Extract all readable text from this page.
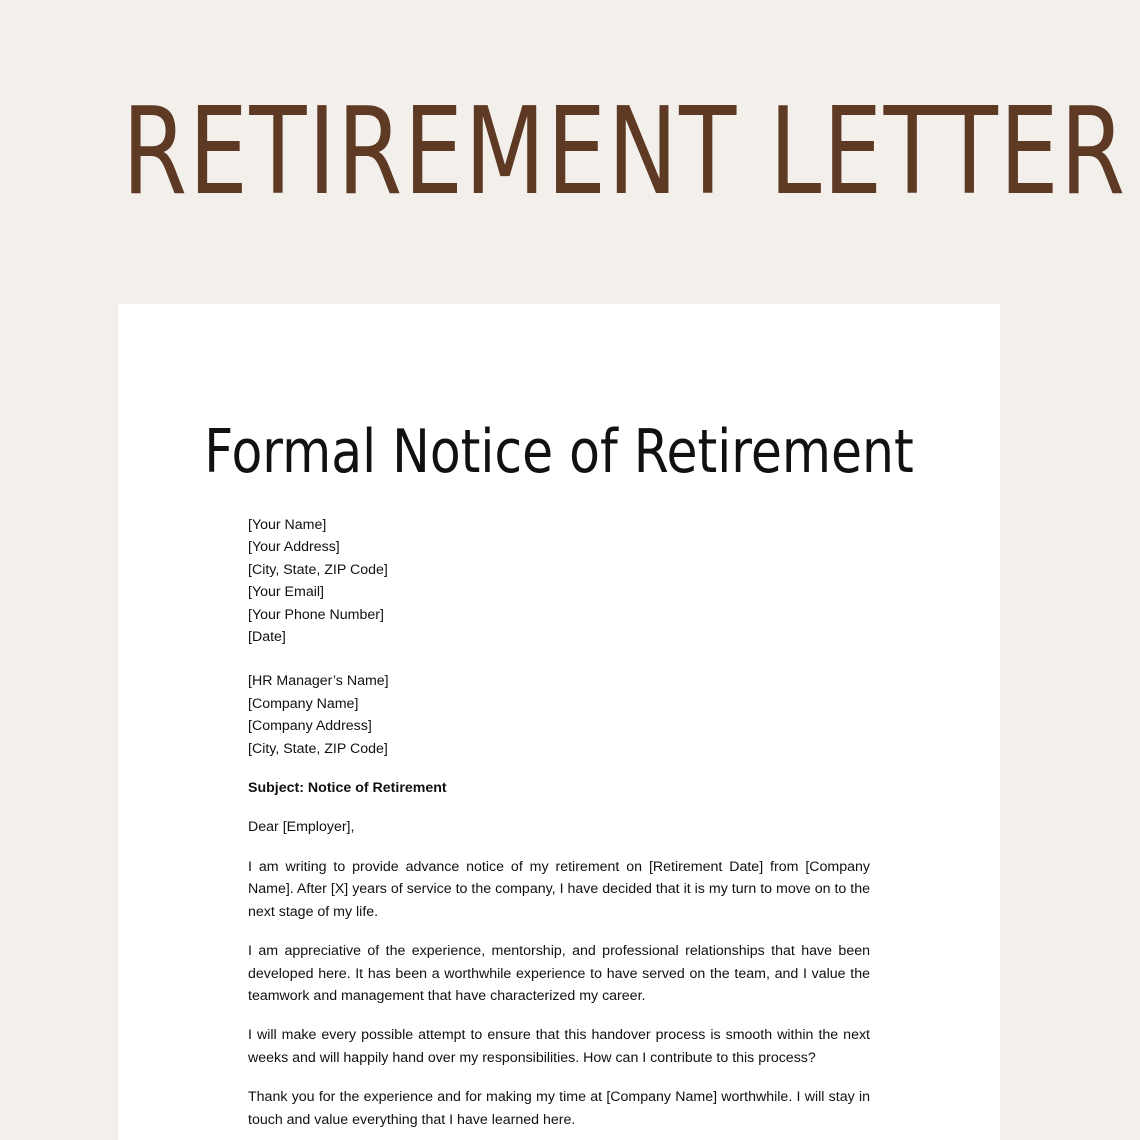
RETIREMENT LETTER
Formal Notice of Retirement
[Your Name]
[Your Address]
[City, State, ZIP Code]
[Your Email]
[Your Phone Number]
[Date]
[HR Manager’s Name]
[Company Name]
[Company Address]
[City, State, ZIP Code]
Subject: Notice of Retirement

Dear [Employer],

I am writing to provide advance notice of my retirement on [Retirement Date] from [Company Name]. After [X] years of service to the company, I have decided that it is my turn to move on to the next stage of my life.

I am appreciative of the experience, mentorship, and professional relationships that have been developed here. It has been a worthwhile experience to have served on the team, and I value the teamwork and management that have characterized my career.

I will make every possible attempt to ensure that this handover process is smooth within the next weeks and will happily hand over my responsibilities. How can I contribute to this process?

Thank you for the experience and for making my time at [Company Name] worthwhile. I will stay in touch and value everything that I have learned here.
